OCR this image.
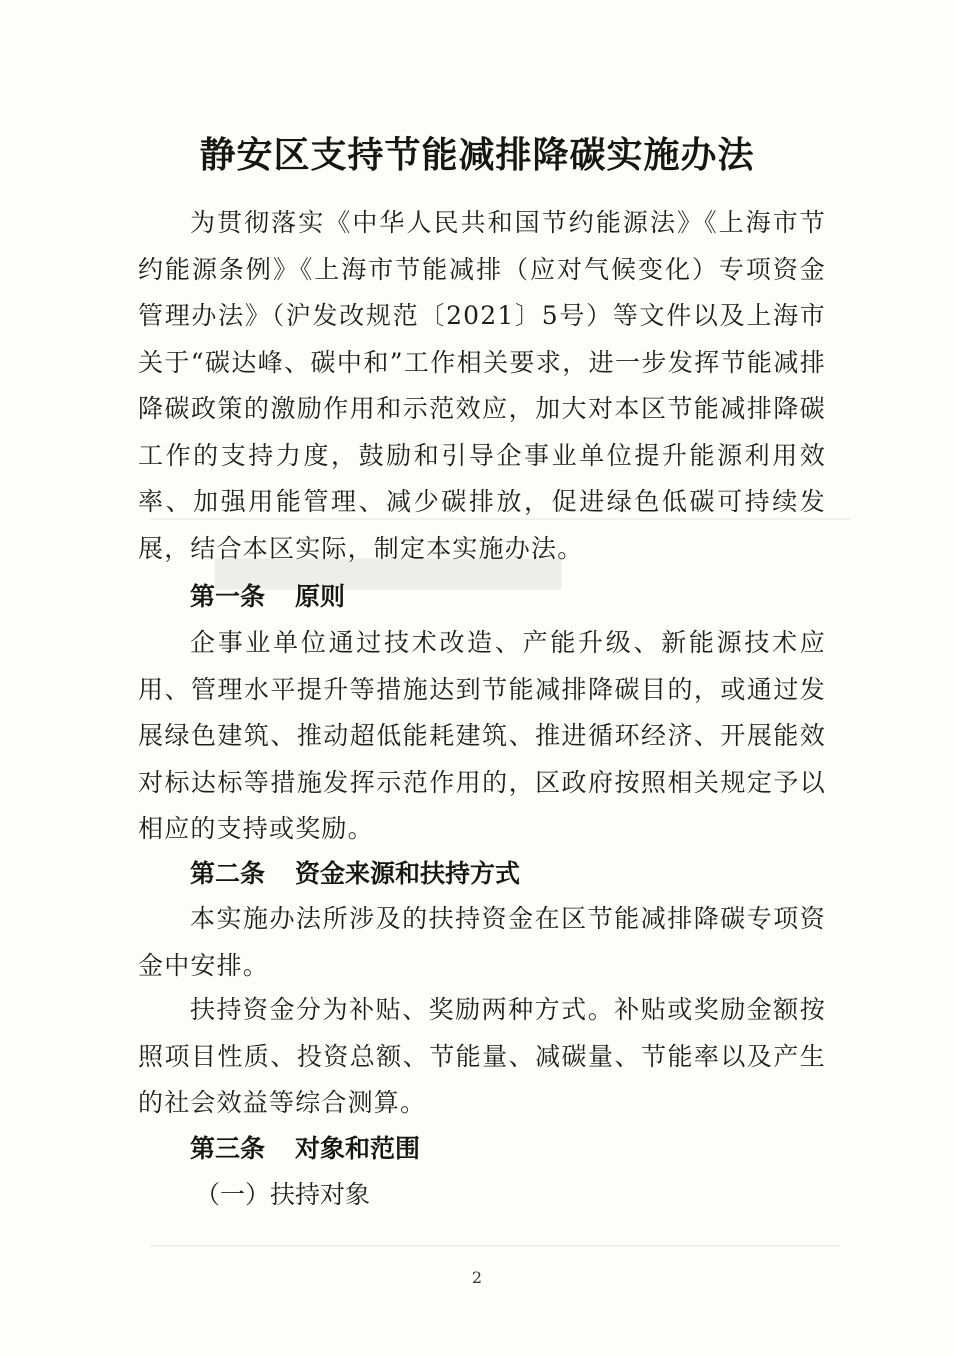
▇▇▇▇▇▇▇▇▇▇▇▇▇▇▇
静安区支持节能减排降碳实施办法

为贯彻落实《中华人民共和国节约能源法》《上海市节约能源条例》《上海市节能减排（应对气候变化）专项资金管理办法》（沪发改规范〔2021〕5号）等文件以及上海市关于“碳达峰、碳中和”工作相关要求，进一步发挥节能减排降碳政策的激励作用和示范效应，加大对本区节能减排降碳工作的支持力度，鼓励和引导企事业单位提升能源利用效率、加强用能管理、减少碳排放，促进绿色低碳可持续发展，结合本区实际，制定本实施办法。

第一条 原则

企事业单位通过技术改造、产能升级、新能源技术应用、管理水平提升等措施达到节能减排降碳目的，或通过发展绿色建筑、推动超低能耗建筑、推进循环经济、开展能效对标达标等措施发挥示范作用的，区政府按照相关规定予以相应的支持或奖励。

第二条 资金来源和扶持方式

本实施办法所涉及的扶持资金在区节能减排降碳专项资金中安排。

扶持资金分为补贴、奖励两种方式。补贴或奖励金额按照项目性质、投资总额、节能量、减碳量、节能率以及产生的社会效益等综合测算。

第三条 对象和范围

（一）扶持对象

2
